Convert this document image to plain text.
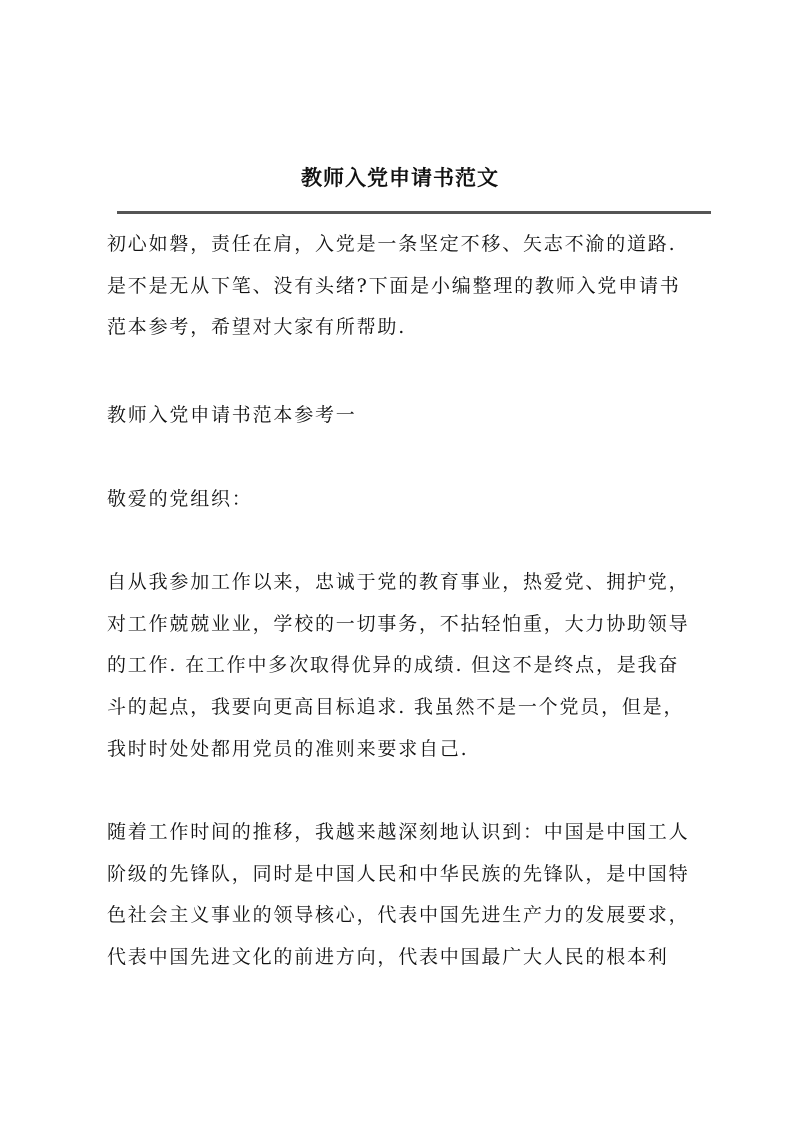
教师入党申请书范文
初心如磐，责任在肩，入党是一条坚定不移、矢志不渝的道路.
是不是无从下笔、没有头绪?下面是小编整理的教师入党申请书
范本参考，希望对大家有所帮助.
教师入党申请书范本参考一
敬爱的党组织：
自从我参加工作以来，忠诚于党的教育事业，热爱党、拥护党，
对工作兢兢业业，学校的一切事务，不拈轻怕重，大力协助领导
的工作. 在工作中多次取得优异的成绩. 但这不是终点，是我奋
斗的起点，我要向更高目标追求. 我虽然不是一个党员，但是，
我时时处处都用党员的准则来要求自己.
随着工作时间的推移，我越来越深刻地认识到：中国是中国工人
阶级的先锋队，同时是中国人民和中华民族的先锋队，是中国特
色社会主义事业的领导核心，代表中国先进生产力的发展要求，
代表中国先进文化的前进方向，代表中国最广大人民的根本利
